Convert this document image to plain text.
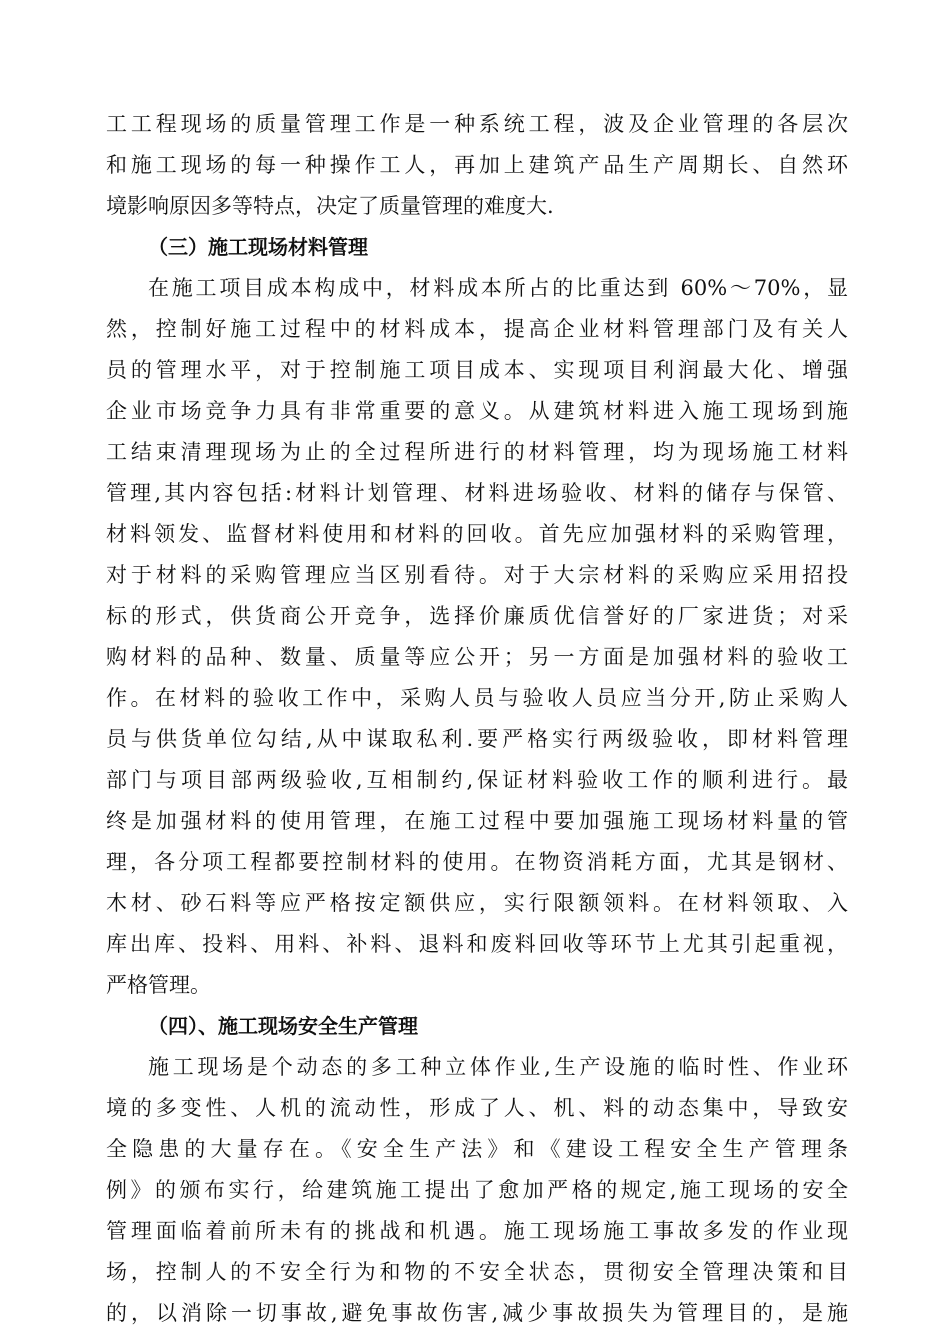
工工程现场的质量管理工作是一种系统工程，波及企业管理的各层次
和施工现场的每一种操作工人，再加上建筑产品生产周期长、自然环
境影响原因多等特点，决定了质量管理的难度大.
（三）施工现场材料管理
在施工项目成本构成中，材料成本所占的比重达到 60%～70%，显
然，控制好施工过程中的材料成本，提高企业材料管理部门及有关人
员的管理水平，对于控制施工项目成本、实现项目利润最大化、增强
企业市场竞争力具有非常重要的意义。从建筑材料进入施工现场到施
工结束清理现场为止的全过程所进行的材料管理，均为现场施工材料
管理,其内容包括:材料计划管理、材料进场验收、材料的储存与保管、
材料领发、监督材料使用和材料的回收。首先应加强材料的采购管理，
对于材料的采购管理应当区别看待。对于大宗材料的采购应采用招投
标的形式，供货商公开竞争，选择价廉质优信誉好的厂家进货；对采
购材料的品种、数量、质量等应公开；另一方面是加强材料的验收工
作。在材料的验收工作中，采购人员与验收人员应当分开,防止采购人
员与供货单位勾结,从中谋取私利.要严格实行两级验收，即材料管理
部门与项目部两级验收,互相制约,保证材料验收工作的顺利进行。最
终是加强材料的使用管理，在施工过程中要加强施工现场材料量的管
理，各分项工程都要控制材料的使用。在物资消耗方面，尤其是钢材、
木材、砂石料等应严格按定额供应，实行限额领料。在材料领取、入
库出库、投料、用料、补料、退料和废料回收等环节上尤其引起重视，
严格管理。
（四）、施工现场安全生产管理
施工现场是个动态的多工种立体作业,生产设施的临时性、作业环
境的多变性、人机的流动性，形成了人、机、料的动态集中，导致安
全隐患的大量存在。《安全生产法》和《建设工程安全生产管理条
例》的颁布实行，给建筑施工提出了愈加严格的规定,施工现场的安全
管理面临着前所未有的挑战和机遇。施工现场施工事故多发的作业现
场，控制人的不安全行为和物的不安全状态，贯彻安全管理决策和目
的，以消除一切事故,避免事故伤害,减少事故损失为管理目的，是施
